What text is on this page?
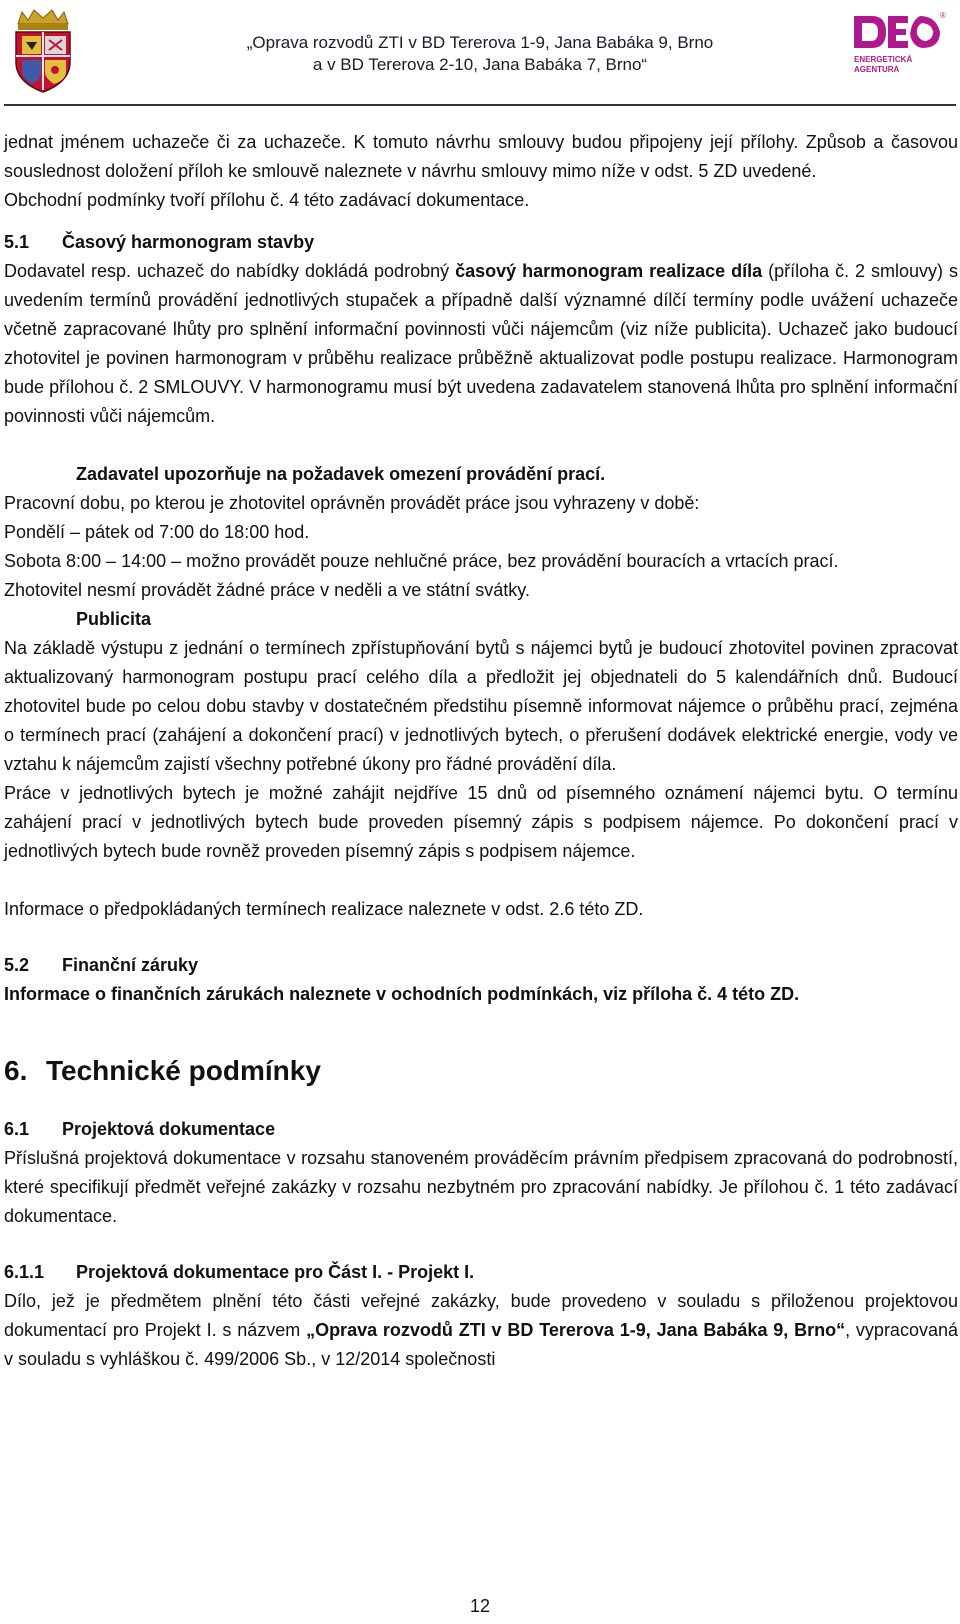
„Oprava rozvodů ZTI v BD Tererova 1-9, Jana Babáka 9, Brno
a v BD Tererova 2-10, Jana Babáka 7, Brno“
®
ENERGETICKÁ
AGENTURA

jednat jménem uchazeče či za uchazeče. K tomuto návrhu smlouvy budou připojeny její přílohy. Způsob a časovou souslednost doložení příloh ke smlouvě naleznete v návrhu smlouvy mimo níže v odst. 5 ZD uvedené.

Obchodní podmínky tvoří přílohu č. 4 této zadávací dokumentace.

5.1 Časový harmonogram stavby

Dodavatel resp. uchazeč do nabídky dokládá podrobný časový harmonogram realizace díla (příloha č. 2 smlouvy) s uvedením termínů provádění jednotlivých stupaček a případně další významné dílčí termíny podle uvážení uchazeče včetně zapracované lhůty pro splnění informační povinnosti vůči nájemcům (viz níže publicita). Uchazeč jako budoucí zhotovitel je povinen harmonogram v průběhu realizace průběžně aktualizovat podle postupu realizace. Harmonogram bude přílohou č. 2 SMLOUVY. V harmonogramu musí být uvedena zadavatelem stanovená lhůta pro splnění informační povinnosti vůči nájemcům.

Zadavatel upozorňuje na požadavek omezení provádění prací.

Pracovní dobu, po kterou je zhotovitel oprávněn provádět práce jsou vyhrazeny v době:

Pondělí – pátek od 7:00 do 18:00 hod.

Sobota 8:00 – 14:00 – možno provádět pouze nehlučné práce, bez provádění bouracích a vrtacích prací.

Zhotovitel nesmí provádět žádné práce v neděli a ve státní svátky.

Publicita

Na základě výstupu z jednání o termínech zpřístupňování bytů s nájemci bytů je budoucí zhotovitel povinen zpracovat aktualizovaný harmonogram postupu prací celého díla a předložit jej objednateli do 5 kalendářních dnů. Budoucí zhotovitel bude po celou dobu stavby v dostatečném předstihu písemně informovat nájemce o průběhu prací, zejména o termínech prací (zahájení a dokončení prací) v jednotlivých bytech, o přerušení dodávek elektrické energie, vody ve vztahu k nájemcům zajistí všechny potřebné úkony pro řádné provádění díla.

Práce v jednotlivých bytech je možné zahájit nejdříve 15 dnů od písemného oznámení nájemci bytu. O termínu zahájení prací v jednotlivých bytech bude proveden písemný zápis s podpisem nájemce. Po dokončení prací v jednotlivých bytech bude rovněž proveden písemný zápis s podpisem nájemce.

Informace o předpokládaných termínech realizace naleznete v odst. 2.6 této ZD.

5.2 Finanční záruky

Informace o finančních zárukách naleznete v ochodních podmínkách, viz příloha č. 4 této ZD.

6. Technické podmínky

6.1 Projektová dokumentace

Příslušná projektová dokumentace v rozsahu stanoveném prováděcím právním předpisem zpracovaná do podrobností, které specifikují předmět veřejné zakázky v rozsahu nezbytném pro zpracování nabídky. Je přílohou č. 1 této zadávací dokumentace.

6.1.1 Projektová dokumentace pro Část I. - Projekt I.

Dílo, jež je předmětem plnění této části veřejné zakázky, bude provedeno v souladu s přiloženou projektovou dokumentací pro Projekt I. s názvem „Oprava rozvodů ZTI v BD Tererova 1-9, Jana Babáka 9, Brno“, vypracovaná v souladu s vyhláškou č. 499/2006 Sb., v 12/2014 společnosti

12
